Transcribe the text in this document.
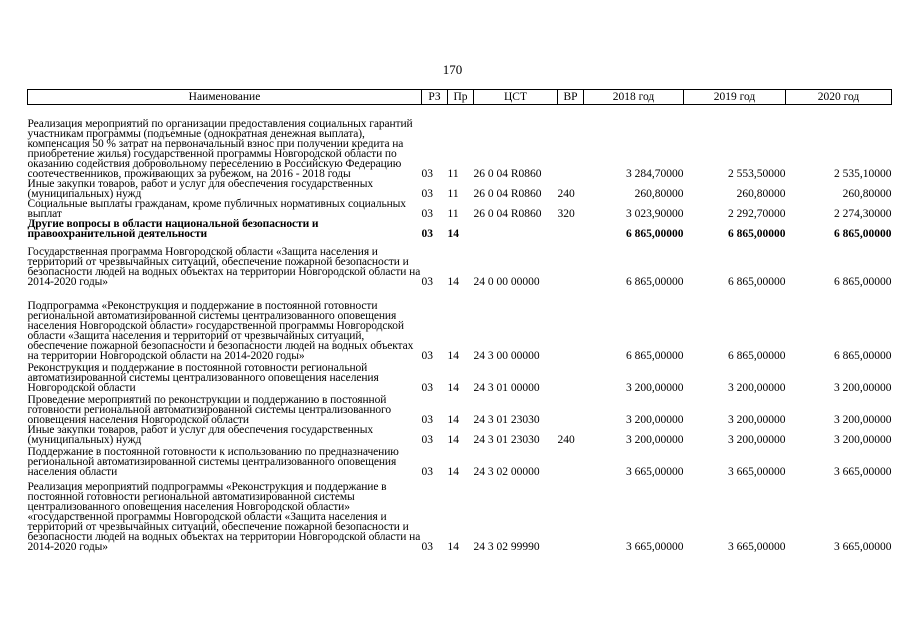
170
Наименование	РЗ	Пр	ЦСТ	ВР	2018 год	2019 год	2020 год
Реализация мероприятий по организации предоставления социальных гарантий участникам программы (подъемные (однократная денежная выплата), компенсация 50 % затрат на первоначальный взнос при получении кредита на приобретение жилья) государственной программы Новгородской области по оказанию содействия добровольному переселению в Российскую Федерацию соотечественников, проживающих за рубежом, на 2016 - 2018 годы	03	11	26 0 04 R0860		3 284,70000	2 553,50000	2 535,10000
Иные закупки товаров, работ и услуг для обеспечения государственных (муниципальных) нужд	03	11	26 0 04 R0860	240	260,80000	260,80000	260,80000
Социальные выплаты гражданам, кроме публичных нормативных социальных выплат	03	11	26 0 04 R0860	320	3 023,90000	2 292,70000	2 274,30000
Другие вопросы в области национальной безопасности и правоохранительной деятельности	03	14			6 865,00000	6 865,00000	6 865,00000
Государственная программа Новгородской области «Защита населения и территорий от чрезвычайных ситуаций, обеспечение пожарной безопасности и безопасности людей на водных объектах на территории Новгородской области на 2014-2020 годы»	03	14	24 0 00 00000		6 865,00000	6 865,00000	6 865,00000
Подпрограмма «Реконструкция и поддержание в постоянной готовности региональной автоматизированной системы централизованного оповещения населения Новгородской области» государственной программы Новгородской области «Защита населения и территорий от чрезвычайных ситуаций, обеспечение пожарной безопасности и безопасности людей на водных объектах на территории Новгородской области на 2014-2020 годы»	03	14	24 3 00 00000		6 865,00000	6 865,00000	6 865,00000
Реконструкция и поддержание в постоянной готовности региональной автоматизированной системы централизованного оповещения населения Новгородской области	03	14	24 3 01 00000		3 200,00000	3 200,00000	3 200,00000
Проведение мероприятий по реконструкции и поддержанию в постоянной готовности региональной автоматизированной системы централизованного оповещения населения Новгородской области	03	14	24 3 01 23030		3 200,00000	3 200,00000	3 200,00000
Иные закупки товаров, работ и услуг для обеспечения государственных (муниципальных) нужд	03	14	24 3 01 23030	240	3 200,00000	3 200,00000	3 200,00000
Поддержание в постоянной готовности к использованию по предназначению региональной автоматизированной системы централизованного оповещения населения области	03	14	24 3 02 00000		3 665,00000	3 665,00000	3 665,00000
Реализация мероприятий подпрограммы «Реконструкция и поддержание в постоянной готовности региональной автоматизированной системы централизованного оповещения населения Новгородской области» «государственной программы Новгородской области «Защита населения и территорий от чрезвычайных ситуаций, обеспечение пожарной безопасности и безопасности людей на водных объектах на территории Новгородской области на 2014-2020 годы»	03	14	24 3 02 99990		3 665,00000	3 665,00000	3 665,00000
